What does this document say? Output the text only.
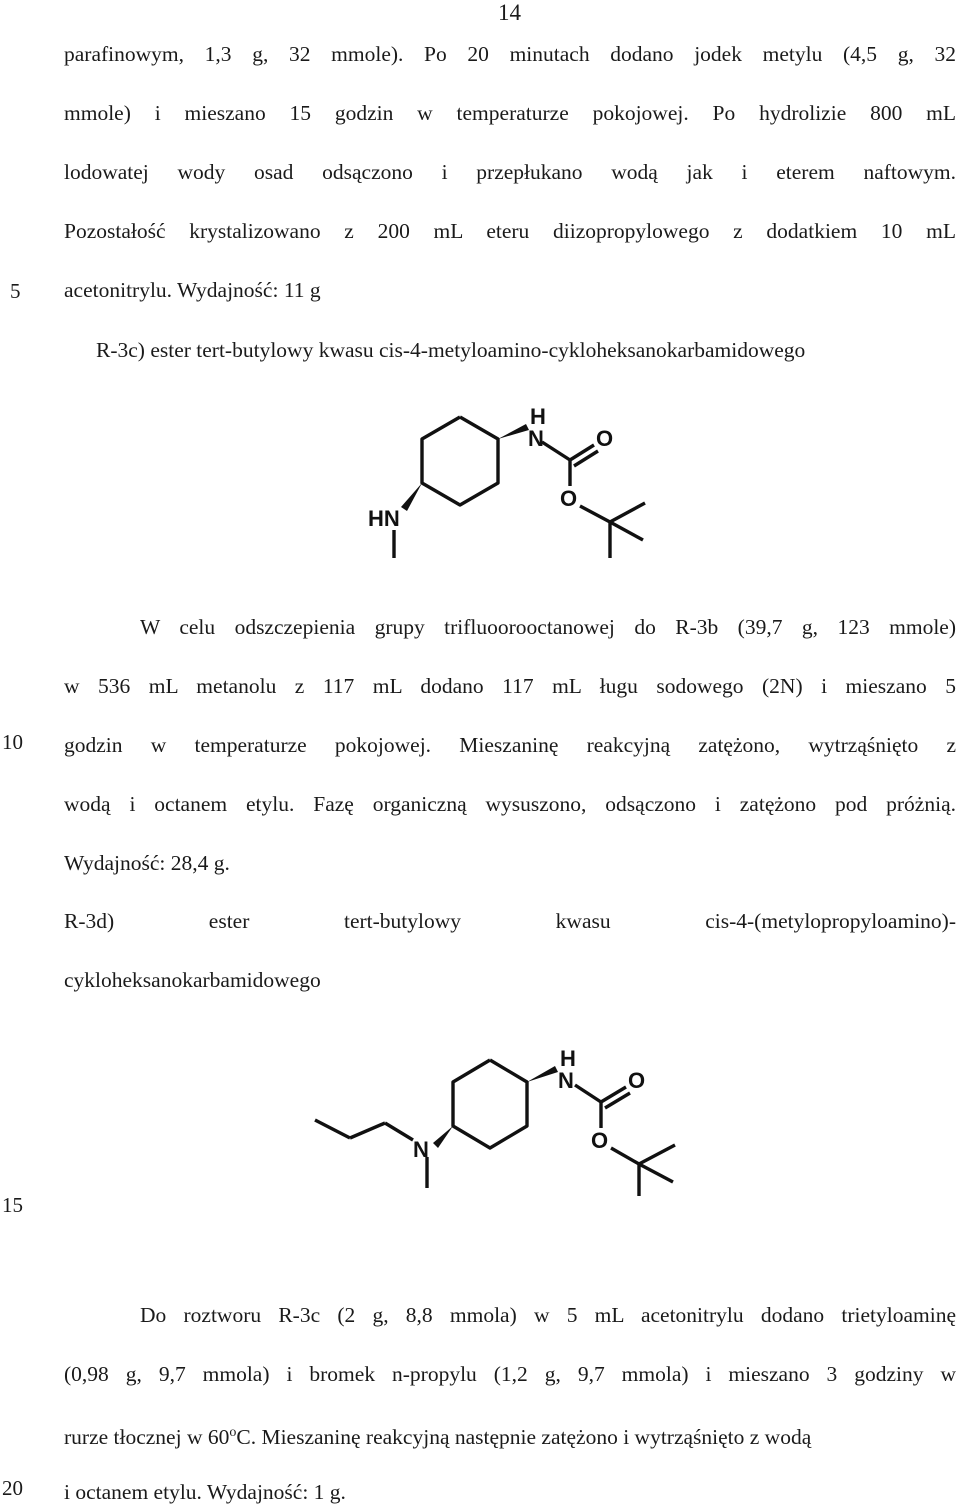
14
5
10
15
20
parafinowym, 1,3 g, 32 mmole). Po 20 minutach dodano jodek metylu (4,5 g, 32
mmole) i mieszano 15 godzin w temperaturze pokojowej. Po hydrolizie 800 mL
lodowatej wody osad odsączono i przepłukano wodą jak i eterem naftowym.
Pozostałość krystalizowano z 200 mL eteru diizopropylowego z dodatkiem 10 mL
acetonitrylu. Wydajność: 11 g
R-3c) ester tert-butylowy kwasu cis-4-metyloamino-cykloheksanokarbamidowego
H
N O
O
HN
W celu odszczepienia grupy trifluoorooctanowej do R-3b (39,7 g, 123 mmole)
w 536 mL metanolu z 117 mL dodano 117 mL ługu sodowego (2N) i mieszano 5
godzin w temperaturze pokojowej. Mieszaninę reakcyjną zatężono, wytrząśnięto z
wodą i octanem etylu. Fazę organiczną wysuszono, odsączono i zatężono pod próżnią.
Wydajność: 28,4 g.
R-3d) ester tert-butylowy kwasu cis-4-(metylopropyloamino)-
cykloheksanokarbamidowego
H
N O
O
N
Do roztworu R-3c (2 g, 8,8 mmola) w 5 mL acetonitrylu dodano trietyloaminę
(0,98 g, 9,7 mmola) i bromek n-propylu (1,2 g, 9,7 mmola) i mieszano 3 godziny w
rurze tłocznej w 60$^o$C. Mieszaninę reakcyjną następnie zatężono i wytrząśnięto z wodą
i octanem etylu. Wydajność: 1 g.
